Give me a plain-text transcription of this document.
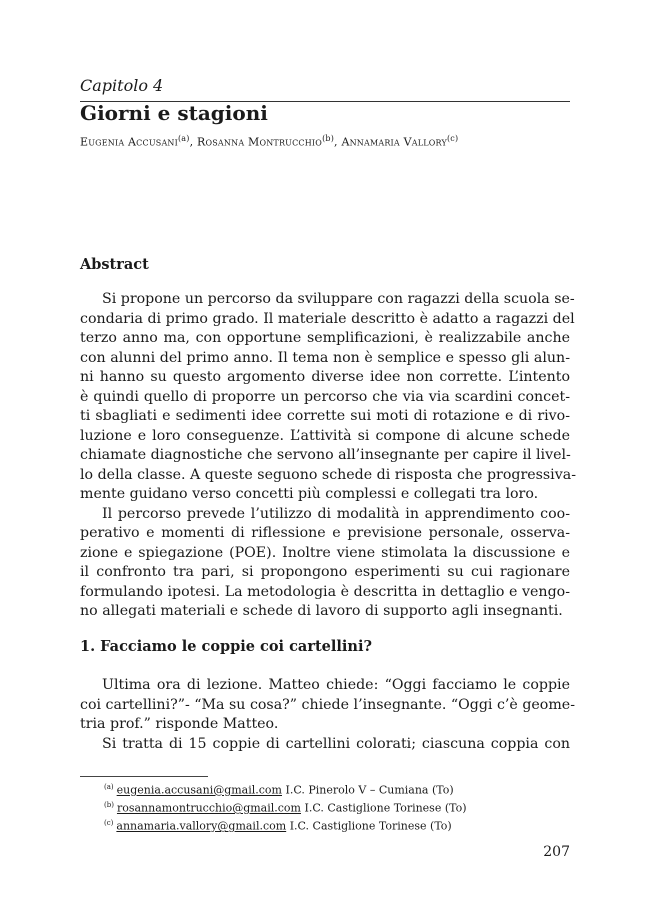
Capitolo 4
Giorni e stagioni
Eugenia Accusani$^{(a)}$, Rosanna Montrucchio$^{(b)}$, Annamaria Vallory$^{(c)}$
Abstract
Si propone un percorso da sviluppare con ragazzi della scuola se-
condaria di primo grado. Il materiale descritto è adatto a ragazzi del
terzo anno ma, con opportune semplificazioni, è realizzabile anche
con alunni del primo anno. Il tema non è semplice e spesso gli alun-
ni hanno su questo argomento diverse idee non corrette. L’intento
è quindi quello di proporre un percorso che via via scardini concet-
ti sbagliati e sedimenti idee corrette sui moti di rotazione e di rivo-
luzione e loro conseguenze. L’attività si compone di alcune schede
chiamate diagnostiche che servono all’insegnante per capire il livel-
lo della classe. A queste seguono schede di risposta che progressiva-
mente guidano verso concetti più complessi e collegati tra loro.
Il percorso prevede l’utilizzo di modalità in apprendimento coo-
perativo e momenti di riflessione e previsione personale, osserva-
zione e spiegazione (POE). Inoltre viene stimolata la discussione e
il confronto tra pari, si propongono esperimenti su cui ragionare
formulando ipotesi. La metodologia è descritta in dettaglio e vengo-
no allegati materiali e schede di lavoro di supporto agli insegnanti.
1. Facciamo le coppie coi cartellini?
Ultima ora di lezione. Matteo chiede: “Oggi facciamo le coppie
coi cartellini?”- “Ma su cosa?” chiede l’insegnante. “Oggi c’è geome-
tria prof.” risponde Matteo.
Si tratta di 15 coppie di cartellini colorati; ciascuna coppia con
$^{(a)}$ eugenia.accusani@gmail.com I.C. Pinerolo V – Cumiana (To)
$^{(b)}$ rosannamontrucchio@gmail.com I.C. Castiglione Torinese (To)
$^{(c)}$ annamaria.vallory@gmail.com I.C. Castiglione Torinese (To)
207
